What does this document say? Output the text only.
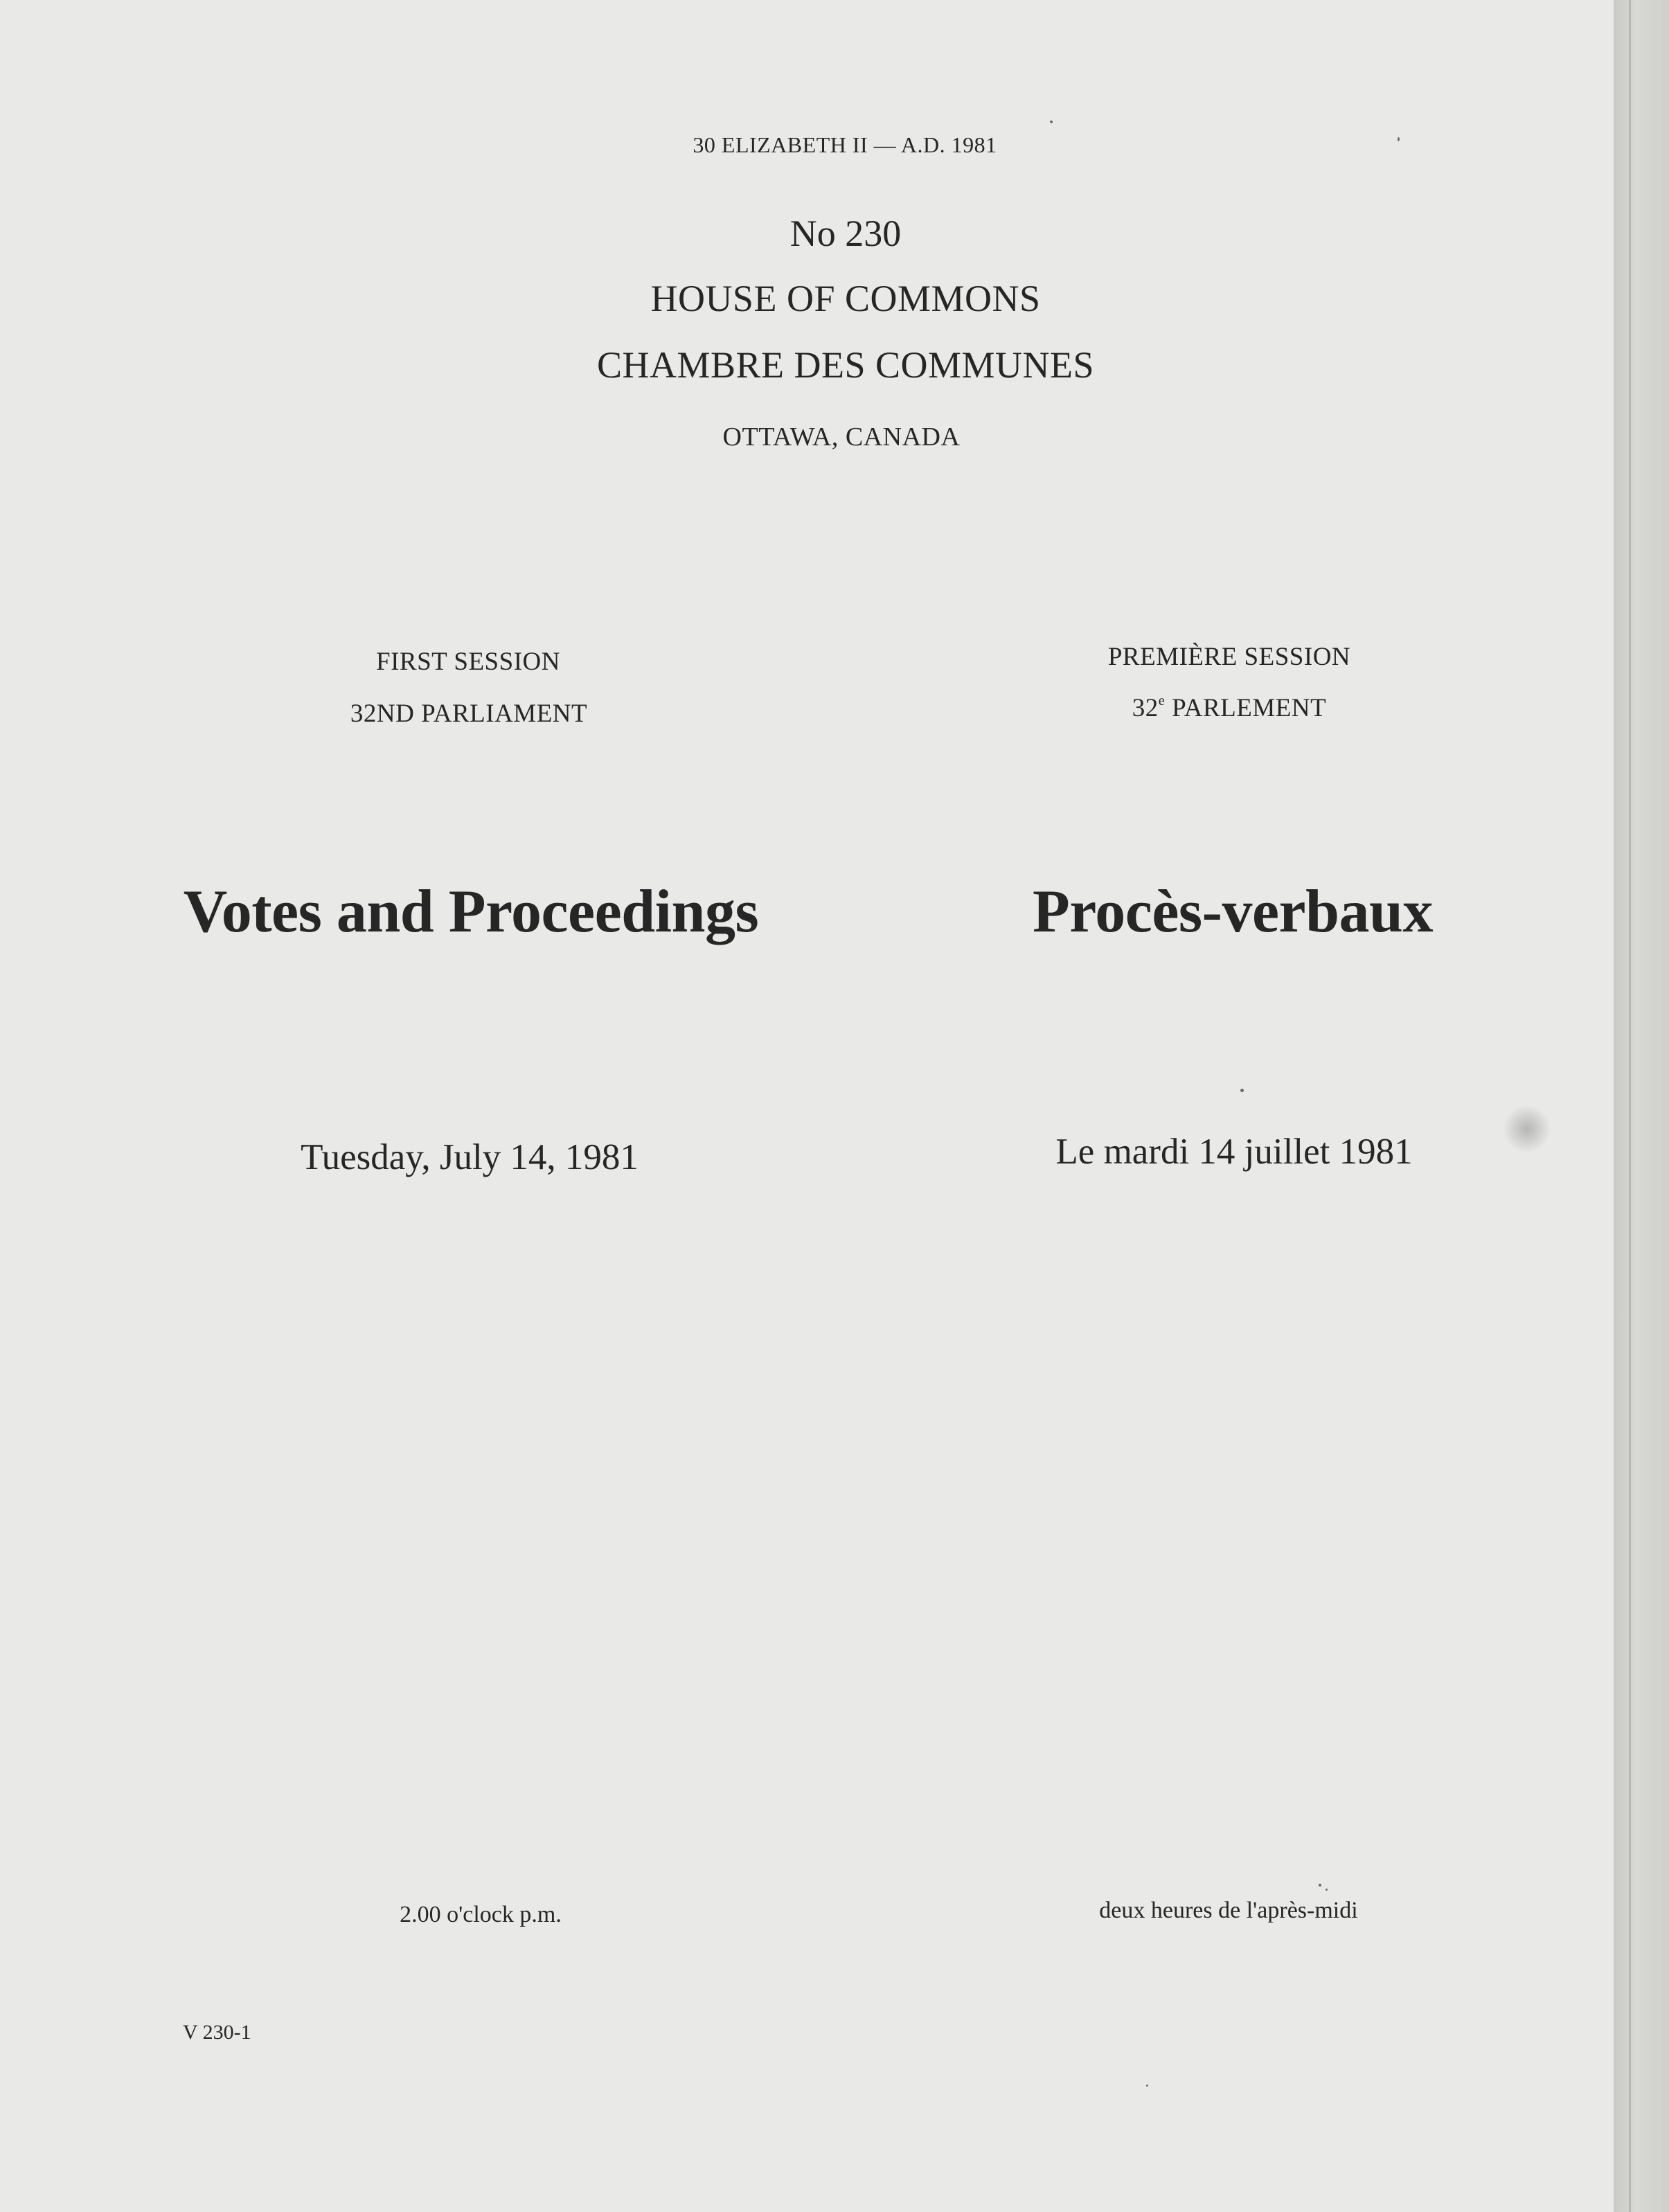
30 ELIZABETH II — A.D. 1981
No 230
HOUSE OF COMMONS
CHAMBRE DES COMMUNES
OTTAWA, CANADA
FIRST SESSION
32ND PARLIAMENT
PREMIÈRE SESSION
32e PARLEMENT
Votes and Proceedings	Procès-verbaux
Tuesday, July 14, 1981	Le mardi 14 juillet 1981
2.00 o'clock p.m.	deux heures de l'après-midi
V 230-1
